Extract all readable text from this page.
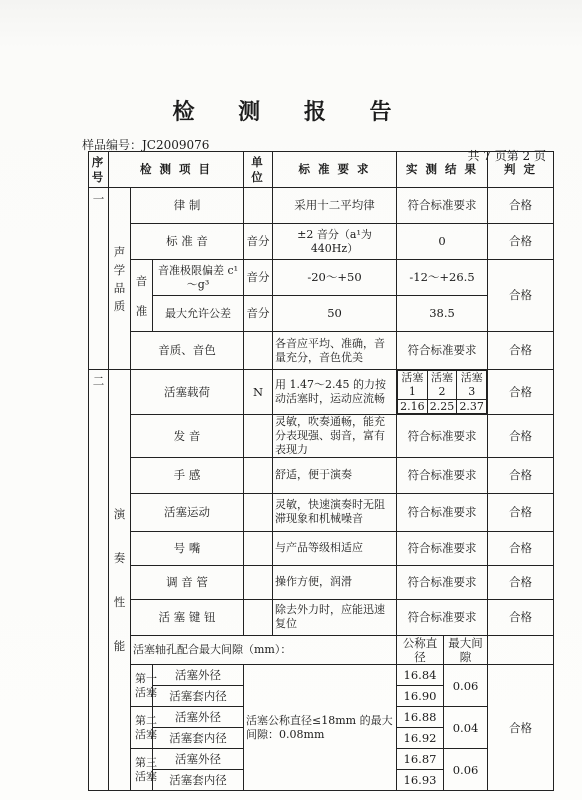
检 测 报 告
样品编号：JC2009076
共 7 页第 2 页
序号	检 测 项 目	单位	标 准 要 求	实 测 结 果	判 定
一	声学品质	律 制		采用十二平均律	符合标准要求	合格
标 准 音	音分	±2 音分（a¹为 440Hz）	0	合格
音准	音准极限偏差 c¹～g³	音分	-20～+50	-12～+26.5	合格
最大允许公差	音分	50	38.5
音质、音色		各音应平均、准确，音量充分，音色优美	符合标准要求	合格
二	演奏性能	活塞载荷	N	用 1.47～2.45 的力按动活塞时，运动应流畅	
活塞1	活塞2	活塞3
2.16	2.25	2.37
	合格
发 音		灵敏，吹奏通畅，能充分表现强、弱音，富有表现力	符合标准要求	合格
手 感		舒适，便于演奏	符合标准要求	合格
活塞运动		灵敏，快速演奏时无阻滞现象和机械噪音	符合标准要求	合格
号 嘴		与产品等级相适应	符合标准要求	合格
调 音 管		操作方便，润滑	符合标准要求	合格
活 塞 键 钮		除去外力时，应能迅速复位	符合标准要求	合格
活塞轴孔配合最大间隙（mm）：	公称直径	最大间隙	
第一活塞	活塞外径	活塞公称直径≤18mm 的最大间隙：0.08mm	16.84	0.06	合格
活塞套内径	16.90
第二活塞	活塞外径	16.88	0.04
活塞套内径	16.92
第三活塞	活塞外径	16.87	0.06
活塞套内径	16.93
